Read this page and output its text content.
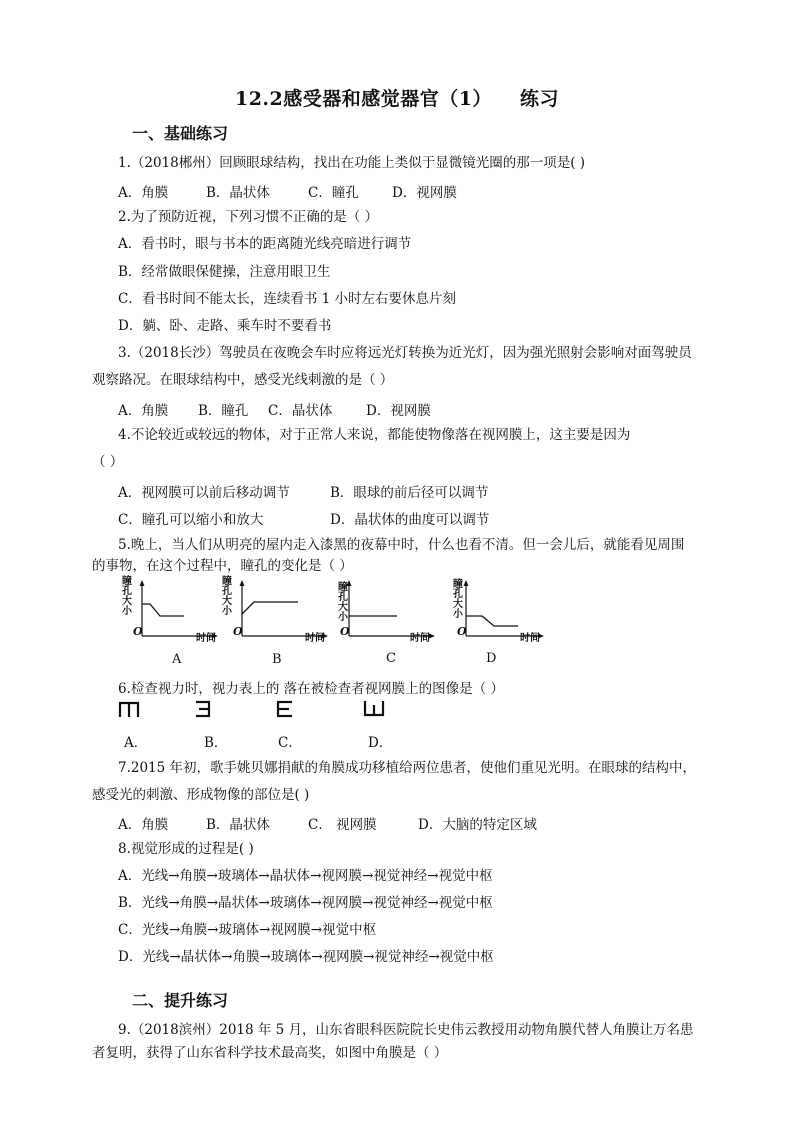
12.2感受器和感觉器官（1） 练习
一、基础练习
1.（2018郴州）回顾眼球结构，找出在功能上类似于显微镜光圈的那一项是( )
A．角膜	B．晶状体	C．瞳孔 D．视网膜
2.为了预防近视，下列习惯不正确的是（ ）
A．看书时，眼与书本的距离随光线亮暗进行调节
B．经常做眼保健操，注意用眼卫生
C．看书时间不能太长，连续看书 1 小时左右要休息片刻
D．躺、卧、走路、乘车时不要看书
3.（2018长沙）驾驶员在夜晚会车时应将远光灯转换为近光灯，因为强光照射会影响对面驾驶员
观察路况。在眼球结构中，感受光线刺激的是（ ）
A．角膜 B．瞳孔 C．晶状体 D．视网膜
4.不论较近或较远的物体，对于正常人来说，都能使物像落在视网膜上，这主要是因为
（ ）
A．视网膜可以前后移动调节	B．眼球的前后径可以调节
C．瞳孔可以缩小和放大	D．晶状体的曲度可以调节
5.晚上，当人们从明亮的屋内走入漆黑的夜幕中时，什么也看不清。但一会儿后，就能看见周围
的事物，在这个过程中，瞳孔的变化是（ ）
瞳
孔
大
小
瞳
孔
大
小
瞳
孔
大
小
瞳
孔
大
小
O	O	O	O
时间	时间	时间	时间
A	B	C	D
6.检查视力时，视力表上的 落在被检查者视网膜上的图像是（ ）
A．	B．	C．	D．
7.2015 年初，歌手姚贝娜捐献的角膜成功移植给两位患者，使他们重见光明。在眼球的结构中，
感受光的刺激、形成物像的部位是( )
A．角膜	B．晶状体	C． 视网膜	D．大脑的特定区域
8.视觉形成的过程是( )
A．光线→角膜→玻璃体→晶状体→视网膜→视觉神经→视觉中枢
B．光线→角膜→晶状体→玻璃体→视网膜→视觉神经→视觉中枢
C．光线→角膜→玻璃体→视网膜→视觉中枢
D．光线→晶状体→角膜→玻璃体→视网膜→视觉神经→视觉中枢
二、提升练习
9.（2018滨州）2018 年 5 月，山东省眼科医院院长史伟云教授用动物角膜代替人角膜让万名患
者复明，获得了山东省科学技术最高奖，如图中角膜是（ ）
